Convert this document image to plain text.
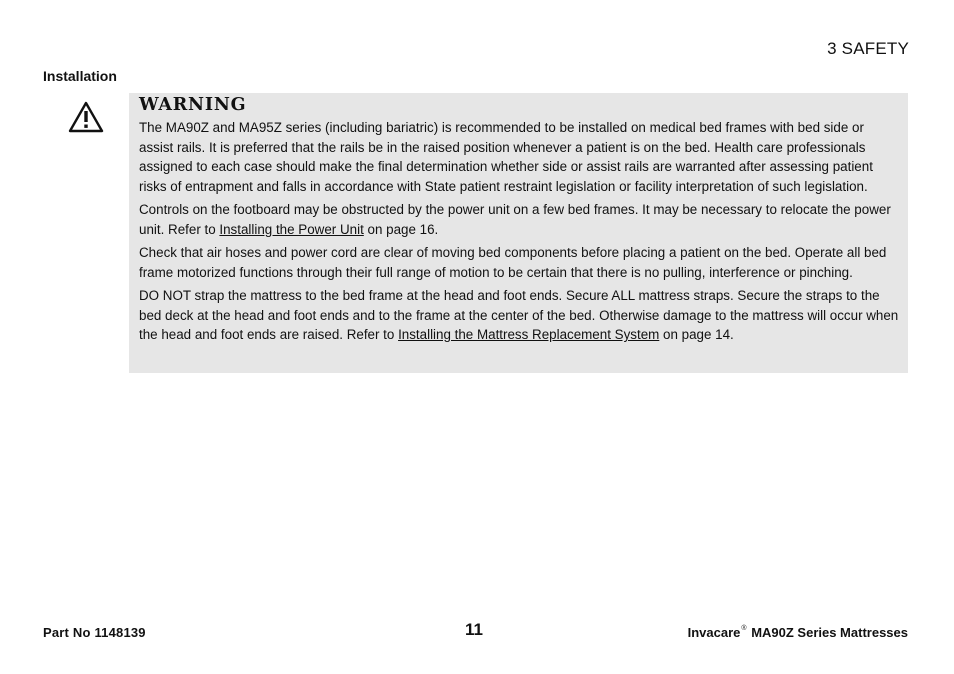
3 SAFETY
Installation
WARNING

The MA90Z and MA95Z series (including bariatric) is recommended to be installed on medical bed frames with bed side or assist rails. It is preferred that the rails be in the raised position whenever a patient is on the bed. Health care professionals assigned to each case should make the final determination whether side or assist rails are warranted after assessing patient risks of entrapment and falls in accordance with State patient restraint legislation or facility interpretation of such legislation.

Controls on the footboard may be obstructed by the power unit on a few bed frames. It may be necessary to relocate the power unit. Refer to Installing the Power Unit on page 16.

Check that air hoses and power cord are clear of moving bed components before placing a patient on the bed. Operate all bed frame motorized functions through their full range of motion to be certain that there is no pulling, interference or pinching.

DO NOT strap the mattress to the bed frame at the head and foot ends. Secure ALL mattress straps. Secure the straps to the bed deck at the head and foot ends and to the frame at the center of the bed. Otherwise damage to the mattress will occur when the head and foot ends are raised. Refer to Installing the Mattress Replacement System on page 14.

Part No 1148139	11	Invacare® MA90Z Series Mattresses
